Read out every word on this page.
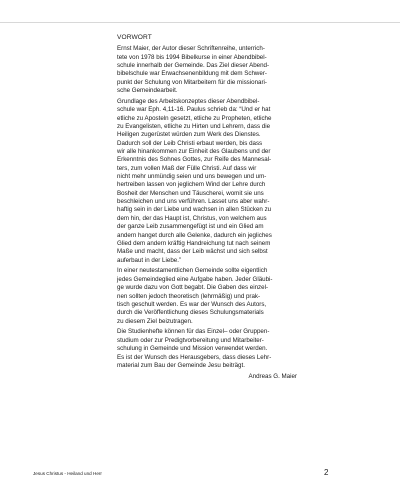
VORWORT

Ernst Maier, der Autor dieser Schriftenreihe, unterrich-
tete von 1978 bis 1994 Bibelkurse in einer Abendbibel-
schule innerhalb der Gemeinde. Das Ziel dieser Abend-
bibelschule war Erwachsenenbildung mit dem Schwer-
punkt der Schulung von Mitarbeitern für die missionari-
sche Gemeindearbeit.

Grundlage des Arbeitskonzeptes dieser Abendbibel-
schule war Eph. 4,11-16. Paulus schrieb da: “Und er hat
etliche zu Aposteln gesetzt, etliche zu Propheten, etliche
zu Evangelisten, etliche zu Hirten und Lehrern, dass die
Heiligen zugerüstet würden zum Werk des Dienstes.
Dadurch soll der Leib Christi erbaut werden, bis dass
wir alle hinankommen zur Einheit des Glaubens und der
Erkenntnis des Sohnes Gottes, zur Reife des Mannesal-
ters, zum vollen Maß der Fülle Christi. Auf dass wir
nicht mehr unmündig seien und uns bewegen und um-
hertreiben lassen von jeglichem Wind der Lehre durch
Bosheit der Menschen und Täuscherei, womit sie uns
beschleichen und uns verführen. Lasset uns aber wahr-
haftig sein in der Liebe und wachsen in allen Stücken zu
dem hin, der das Haupt ist, Christus, von welchem aus
der ganze Leib zusammengefügt ist und ein Glied am
andern hanget durch alle Gelenke, dadurch ein jegliches
Glied dem andern kräftig Handreichung tut nach seinem
Maße und macht, dass der Leib wächst und sich selbst
auferbaut in der Liebe.”

In einer neutestamentlichen Gemeinde sollte eigentlich
jedes Gemeindeglied eine Aufgabe haben. Jeder Gläubi-
ge wurde dazu von Gott begabt. Die Gaben des einzel-
nen sollten jedoch theoretisch (lehrmäßig) und prak-
tisch geschult werden. Es war der Wunsch des Autors,
durch die Veröffentlichung dieses Schulungsmaterials
zu diesem Ziel beizutragen.

Die Studienhefte können für das Einzel– oder Gruppen-
studium oder zur Predigtvorbereitung und Mitarbeiter-
schulung in Gemeinde und Mission verwendet werden.
Es ist der Wunsch des Herausgebers, dass dieses Lehr-
material zum Bau der Gemeinde Jesu beiträgt.

Andreas G. Maier

Jesus Christus - Heiland und Herr	2
